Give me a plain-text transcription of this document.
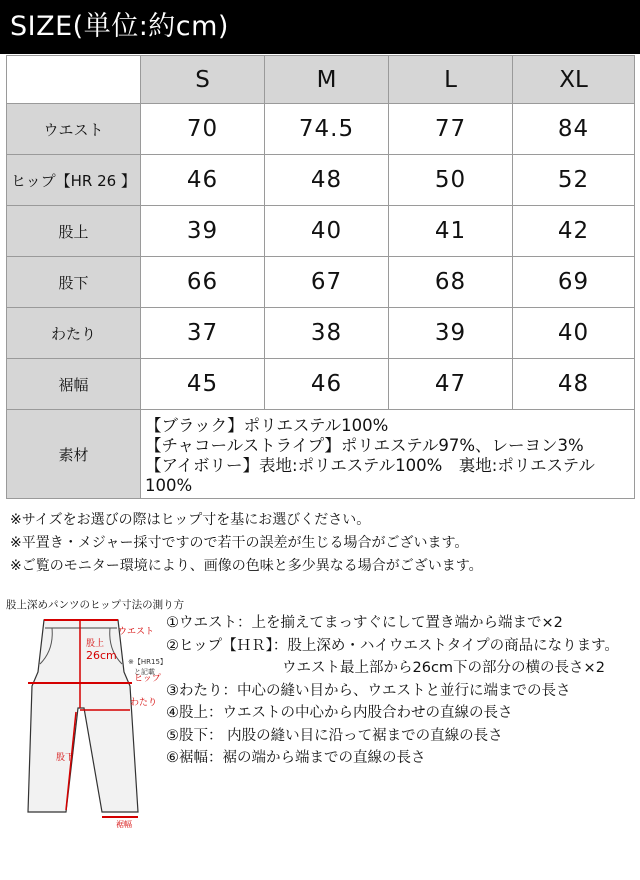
SIZE(単位:約cm)
	S	M	L	XL
ウエスト	70	74.5	77	84
ヒップ【HR 26 】	46	48	50	52
股上	39	40	41	42
股下	66	67	68	69
わたり	37	38	39	40
裾幅	45	46	47	48
素材	【ブラック】ポリエステル100%
【チャコールストライプ】ポリエステル97%、レーヨン3%
【アイボリー】表地:ポリエステル100%　裏地:ポリエステル
100%			
※サイズをお選びの際はヒップ寸を基にお選びください。
※平置き・メジャー採寸ですので若干の誤差が生じる場合がございます。
※ご覧のモニター環境により、画像の色味と多少異なる場合がございます。
股上深めパンツのヒップ寸法の測り方
ウエスト
股上
26cm ※【HR15】
と記載
ヒップ
わたり
股下
裾幅
①ウエスト：上を揃えてまっすぐにして置き端から端まで×2
②ヒップ【ＨＲ】：股上深め・ハイウエストタイプの商品になります。
　　　　　　　　ウエスト最上部から26cm下の部分の横の長さ×2
③わたり：中心の縫い目から、ウエストと並行に端までの長さ
④股上：ウエストの中心から内股合わせの直線の長さ
⑤股下： 内股の縫い目に沿って裾までの直線の長さ
⑥裾幅：裾の端から端までの直線の長さ
